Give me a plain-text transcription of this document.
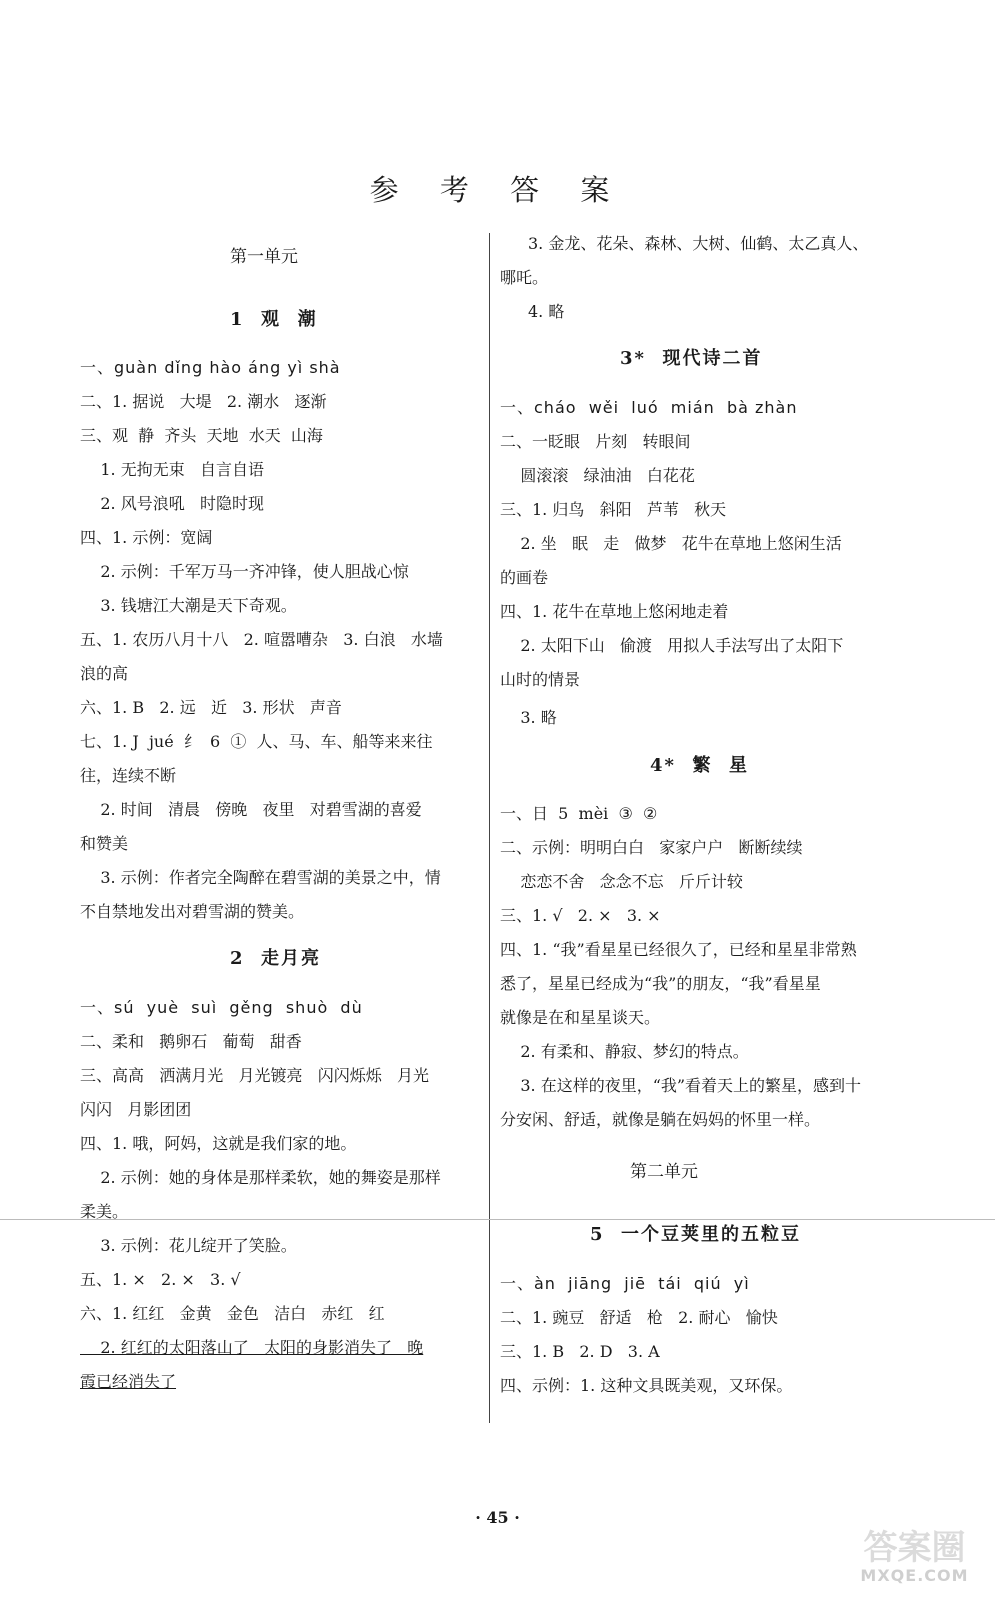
参 考 答 案
第一单元
1  观  潮
一、guàn dǐng hào áng yì shà
二、1. 据说   大堤   2. 潮水   逐渐
三、观  静  齐头  天地  水天  山海
1. 无拘无束   自言自语
2. 风号浪吼   时隐时现
四、1. 示例：宽阔
2. 示例：千军万马一齐冲锋，使人胆战心惊
3. 钱塘江大潮是天下奇观。
五、1. 农历八月十八   2. 喧嚣嘈杂   3. 白浪   水墙
浪的高
六、1. B   2. 远   近   3. 形状   声音
七、1. J  jué  纟  6  ①  人、马、车、船等来来往
往，连续不断
2. 时间   清晨   傍晚   夜里   对碧雪湖的喜爱
和赞美
3. 示例：作者完全陶醉在碧雪湖的美景之中，情
不自禁地发出对碧雪湖的赞美。
2  走月亮
一、sú  yuè  suì  gěng  shuò  dù
二、柔和   鹅卵石   葡萄   甜香
三、高高   洒满月光   月光镀亮   闪闪烁烁   月光
闪闪   月影团团
四、1. 哦，阿妈，这就是我们家的地。
2. 示例：她的身体是那样柔软，她的舞姿是那样
柔美。
3. 示例：花儿绽开了笑脸。
五、1. ×   2. ×   3. √
六、1. 红红   金黄   金色   洁白   赤红   红
2. 红红的太阳落山了   太阳的身影消失了   晚
霞已经消失了
3. 金龙、花朵、森林、大树、仙鹤、太乙真人、
哪吒。
4. 略
3*  现代诗二首
一、cháo  wěi  luó  mián  bà zhàn
二、一眨眼   片刻   转眼间
圆滚滚   绿油油   白花花
三、1. 归鸟   斜阳   芦苇   秋天
2. 坐   眠   走   做梦   花牛在草地上悠闲生活
的画卷
四、1. 花牛在草地上悠闲地走着
2. 太阳下山   偷渡   用拟人手法写出了太阳下
山时的情景
3. 略
4*  繁  星
一、日  5  mèi  ③  ②
二、示例：明明白白   家家户户   断断续续
恋恋不舍   念念不忘   斤斤计较
三、1. √   2. ×   3. ×
四、1. “我”看星星已经很久了，已经和星星非常熟
悉了，星星已经成为“我”的朋友，“我”看星星
就像是在和星星谈天。
2. 有柔和、静寂、梦幻的特点。
3. 在这样的夜里，“我”看着天上的繁星，感到十
分安闲、舒适，就像是躺在妈妈的怀里一样。
第二单元
5  一个豆荚里的五粒豆
一、àn  jiāng  jiē  tái  qiú  yì
二、1. 豌豆   舒适   枪   2. 耐心   愉快
三、1. B   2. D   3. A
四、示例：1. 这种文具既美观，又环保。
· 45 ·
答案圈
MXQE.COM
